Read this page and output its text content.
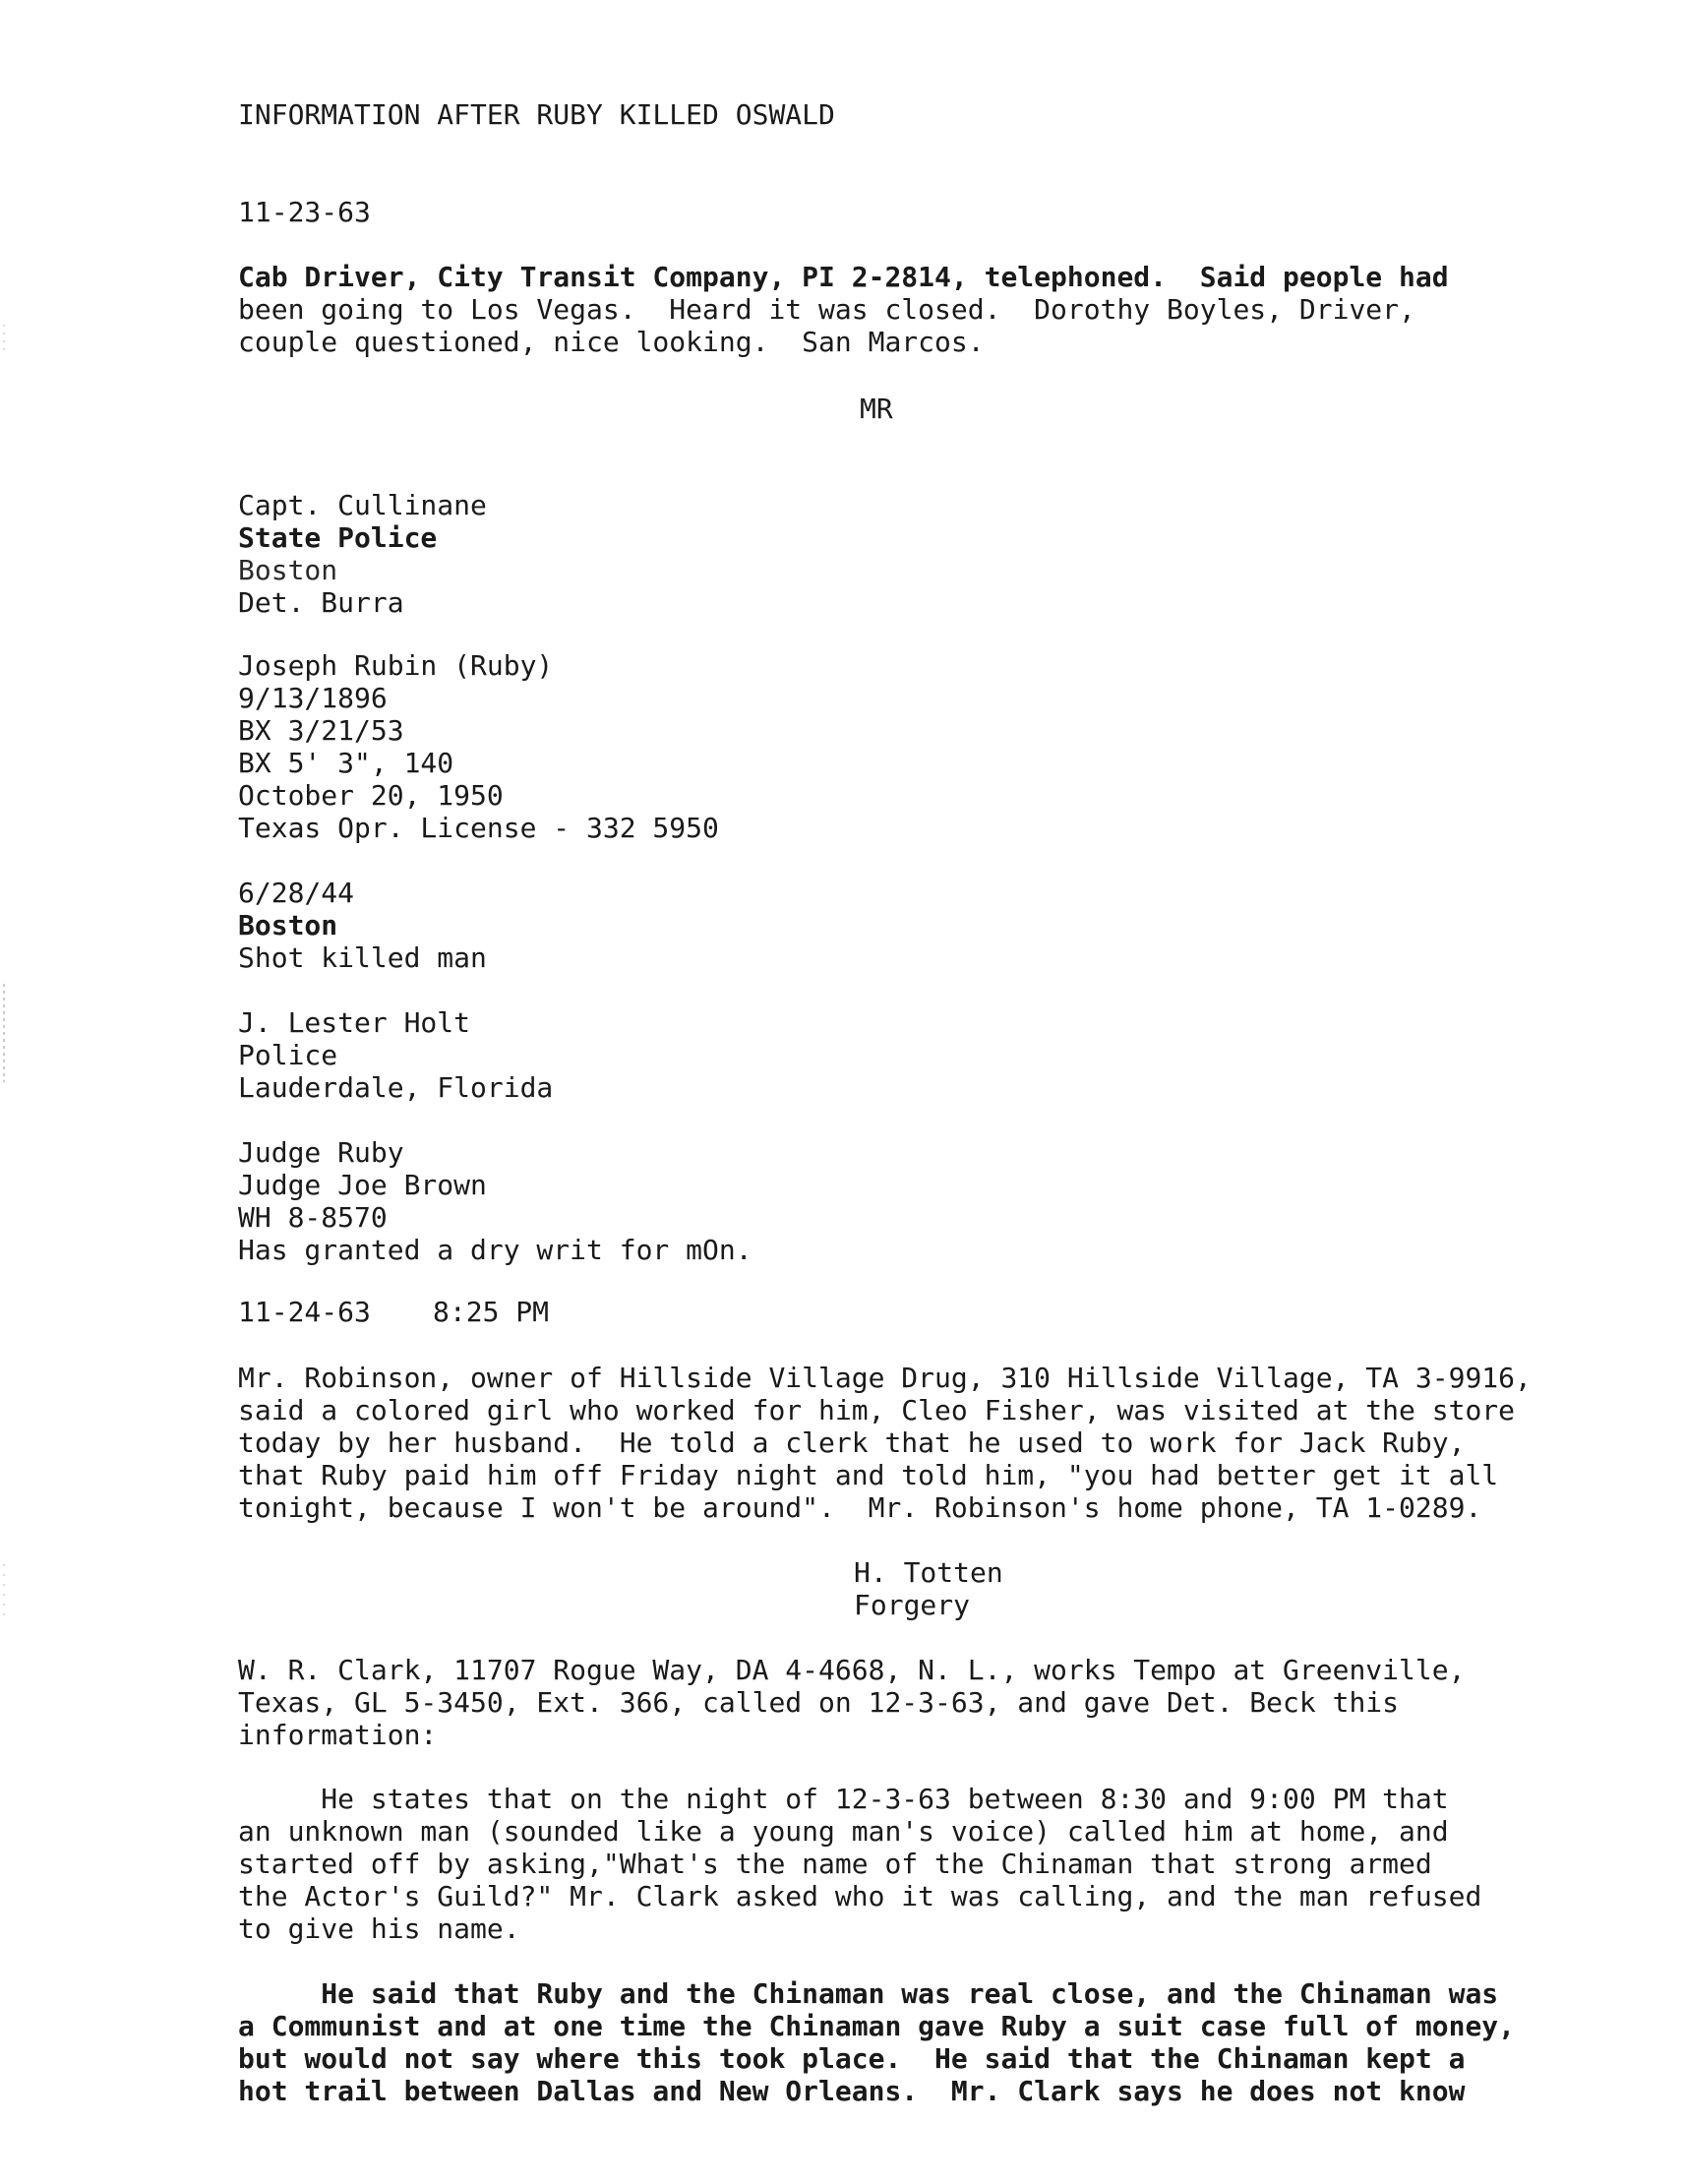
INFORMATION AFTER RUBY KILLED OSWALD
11-23-63
Cab Driver, City Transit Company, PI 2-2814, telephoned.  Said people had
been going to Los Vegas.  Heard it was closed.  Dorothy Boyles, Driver,
couple questioned, nice looking.  San Marcos.
MR
Capt. Cullinane
State Police
Boston
Det. Burra
Joseph Rubin (Ruby)
9/13/1896
BX 3/21/53
BX 5' 3", 140
October 20, 1950
Texas Opr. License - 332 5950
6/28/44
Boston
Shot killed man
J. Lester Holt
Police
Lauderdale, Florida
Judge Ruby
Judge Joe Brown
WH 8-8570
Has granted a dry writ for mOn.
11-24-63 8:25 PM
Mr. Robinson, owner of Hillside Village Drug, 310 Hillside Village, TA 3-9916,
said a colored girl who worked for him, Cleo Fisher, was visited at the store
today by her husband.  He told a clerk that he used to work for Jack Ruby,
that Ruby paid him off Friday night and told him, "you had better get it all
tonight, because I won't be around".  Mr. Robinson's home phone, TA 1-0289.
H. Totten
Forgery
W. R. Clark, 11707 Rogue Way, DA 4-4668, N. L., works Tempo at Greenville,
Texas, GL 5-3450, Ext. 366, called on 12-3-63, and gave Det. Beck this
information:
He states that on the night of 12-3-63 between 8:30 and 9:00 PM that
an unknown man (sounded like a young man's voice) called him at home, and
started off by asking,"What's the name of the Chinaman that strong armed
the Actor's Guild?" Mr. Clark asked who it was calling, and the man refused
to give his name.
He said that Ruby and the Chinaman was real close, and the Chinaman was
a Communist and at one time the Chinaman gave Ruby a suit case full of money,
but would not say where this took place.  He said that the Chinaman kept a
hot trail between Dallas and New Orleans.  Mr. Clark says he does not know
